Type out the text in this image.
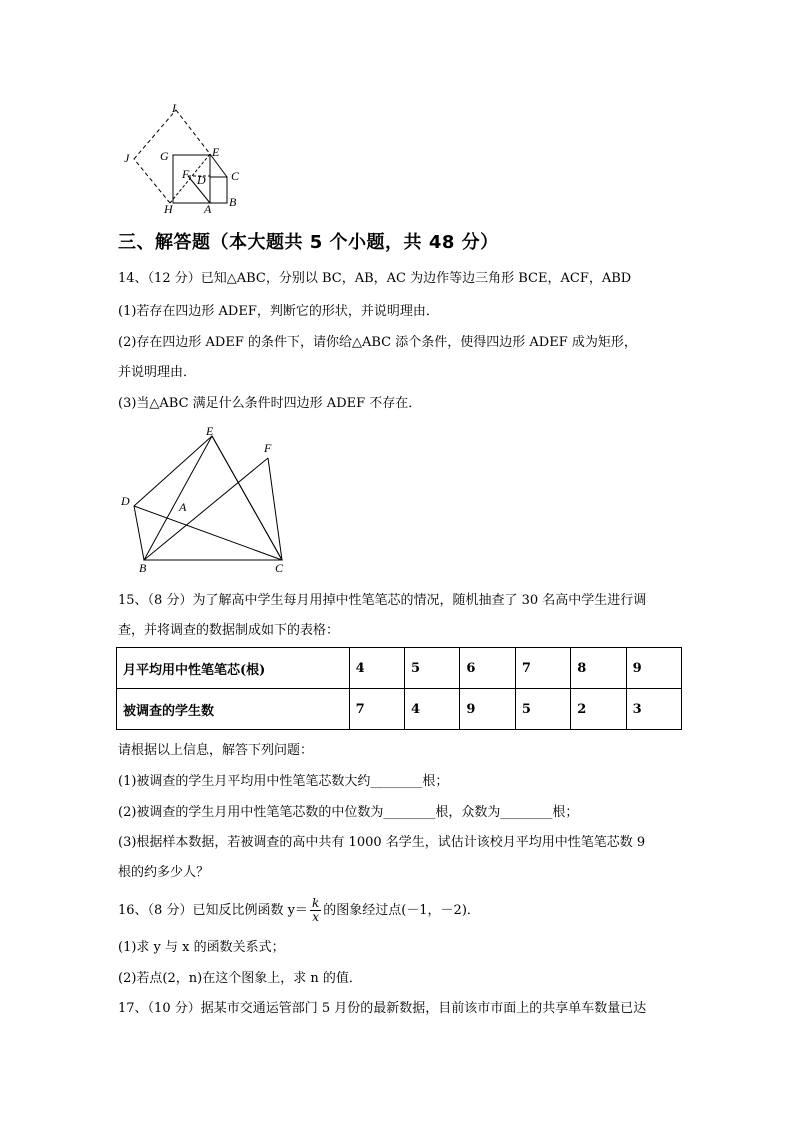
I
J	G	E
F D C
H	A B
三、解答题（本大题共 5 个小题，共 48 分）
14、（12 分）已知△ABC，分别以 BC，AB，AC 为边作等边三角形 BCE，ACF，ABD
(1)若存在四边形 ADEF，判断它的形状，并说明理由．
(2)存在四边形 ADEF 的条件下，请你给△ABC 添个条件，使得四边形 ADEF 成为矩形，
并说明理由．
(3)当△ABC 满足什么条件时四边形 ADEF 不存在．
E
F
D	A
B	C
15、（8 分）为了解高中学生每月用掉中性笔笔芯的情况，随机抽查了 30 名高中学生进行调
查，并将调查的数据制成如下的表格：
月平均用中性笔笔芯(根)	4	5	6	7	8	9
被调查的学生数	7	4	9	5	2	3
请根据以上信息，解答下列问题：
(1)被调查的学生月平均用中性笔笔芯数大约________根；
(2)被调查的学生月用中性笔笔芯数的中位数为________根，众数为________根；
(3)根据样本数据，若被调查的高中共有 1000 名学生，试估计该校月平均用中性笔笔芯数 9
根的约多少人？
16、（8 分）已知反比例函数 $y= \frac{k}{x}$ 的图象经过点(－1，－2)．
(1)求 y 与 x 的函数关系式；
(2)若点(2，n)在这个图象上，求 n 的值．
17、（10 分）据某市交通运管部门 5 月份的最新数据，目前该市市面上的共享单车数量已达
